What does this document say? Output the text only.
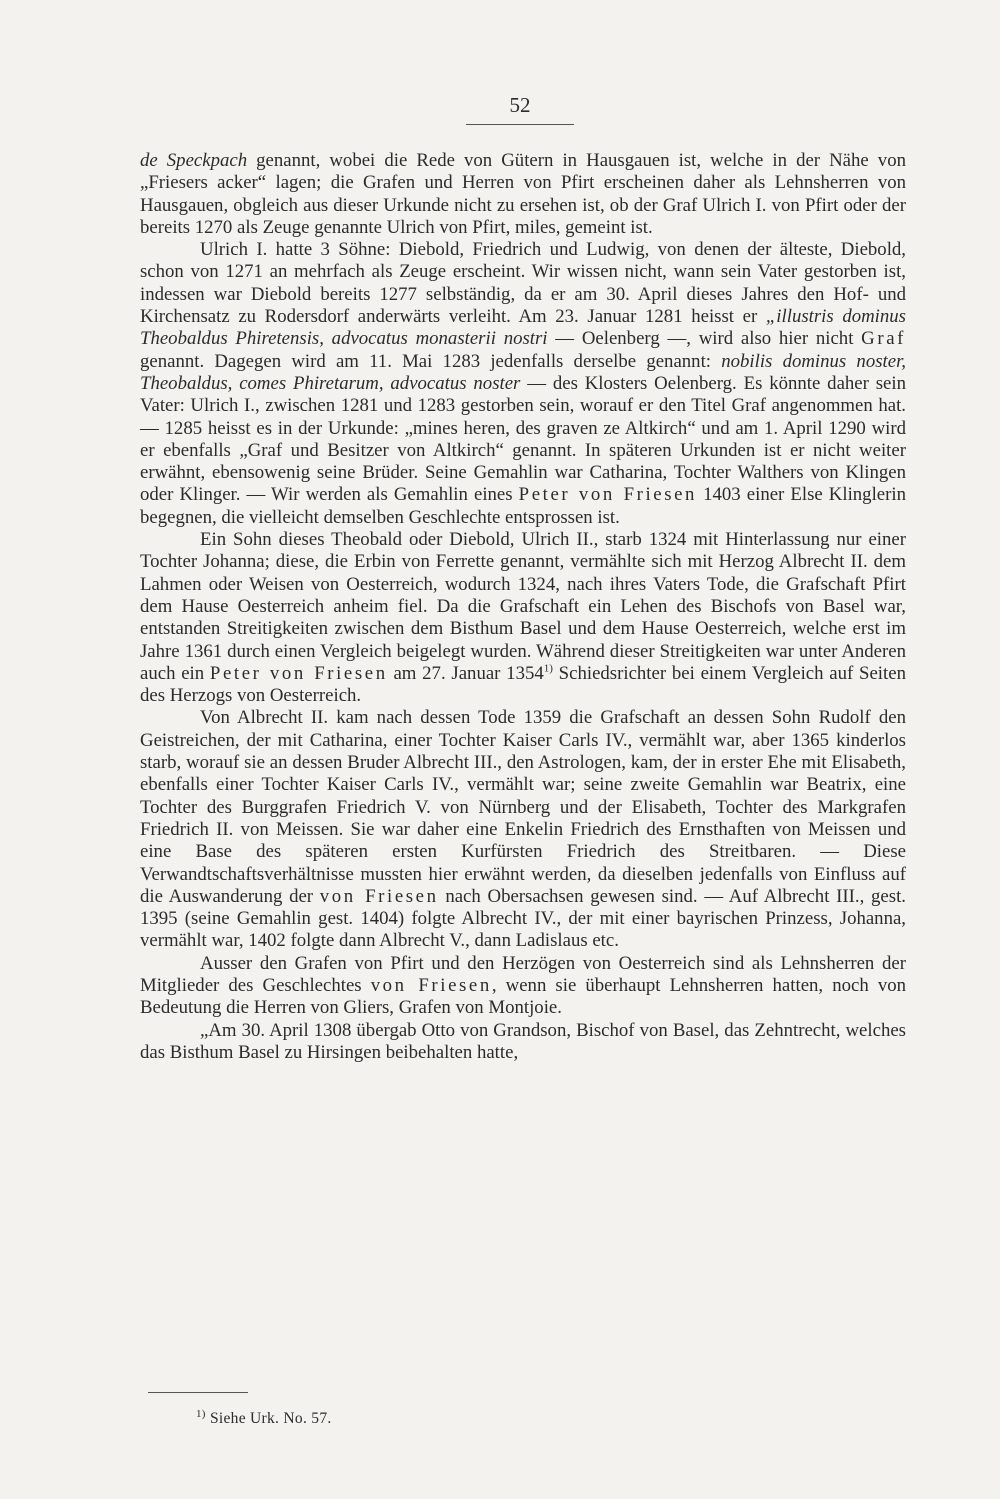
52

de Speckpach genannt, wobei die Rede von Gütern in Hausgauen ist, welche in der Nähe von „Friesers acker“ lagen; die Grafen und Herren von Pfirt erscheinen daher als Lehnsherren von Hausgauen, obgleich aus dieser Urkunde nicht zu ersehen ist, ob der Graf Ulrich I. von Pfirt oder der bereits 1270 als Zeuge genannte Ulrich von Pfirt, miles, gemeint ist.

Ulrich I. hatte 3 Söhne: Diebold, Friedrich und Ludwig, von denen der älteste, Diebold, schon von 1271 an mehrfach als Zeuge erscheint. Wir wissen nicht, wann sein Vater gestorben ist, indessen war Diebold bereits 1277 selbständig, da er am 30. April dieses Jahres den Hof- und Kirchensatz zu Rodersdorf anderwärts verleiht. Am 23. Januar 1281 heisst er „illustris dominus Theobaldus Phiretensis, advocatus monasterii nostri — Oelenberg —, wird also hier nicht Graf genannt. Dagegen wird am 11. Mai 1283 jedenfalls derselbe genannt: nobilis dominus noster, Theobaldus, comes Phiretarum, advocatus noster — des Klosters Oelenberg. Es könnte daher sein Vater: Ulrich I., zwischen 1281 und 1283 gestorben sein, worauf er den Titel Graf angenommen hat. — 1285 heisst es in der Urkunde: „mines heren, des graven ze Altkirch“ und am 1. April 1290 wird er ebenfalls „Graf und Besitzer von Altkirch“ genannt. In späteren Urkunden ist er nicht weiter erwähnt, ebensowenig seine Brüder. Seine Gemahlin war Catharina, Tochter Walthers von Klingen oder Klinger. — Wir werden als Gemahlin eines Peter von Friesen 1403 einer Else Klinglerin begegnen, die vielleicht demselben Geschlechte entsprossen ist.

Ein Sohn dieses Theobald oder Diebold, Ulrich II., starb 1324 mit Hinterlassung nur einer Tochter Johanna; diese, die Erbin von Ferrette genannt, vermählte sich mit Herzog Albrecht II. dem Lahmen oder Weisen von Oesterreich, wodurch 1324, nach ihres Vaters Tode, die Grafschaft Pfirt dem Hause Oesterreich anheim fiel. Da die Grafschaft ein Lehen des Bischofs von Basel war, entstanden Streitigkeiten zwischen dem Bisthum Basel und dem Hause Oesterreich, welche erst im Jahre 1361 durch einen Vergleich beigelegt wurden. Während dieser Streitigkeiten war unter Anderen auch ein Peter von Friesen am 27. Januar 1354$^{1)}$ Schiedsrichter bei einem Vergleich auf Seiten des Herzogs von Oesterreich.

Von Albrecht II. kam nach dessen Tode 1359 die Grafschaft an dessen Sohn Rudolf den Geistreichen, der mit Catharina, einer Tochter Kaiser Carls IV., vermählt war, aber 1365 kinderlos starb, worauf sie an dessen Bruder Albrecht III., den Astrologen, kam, der in erster Ehe mit Elisabeth, ebenfalls einer Tochter Kaiser Carls IV., vermählt war; seine zweite Gemahlin war Beatrix, eine Tochter des Burggrafen Friedrich V. von Nürnberg und der Elisabeth, Tochter des Markgrafen Friedrich II. von Meissen. Sie war daher eine Enkelin Friedrich des Ernsthaften von Meissen und eine Base des späteren ersten Kurfürsten Friedrich des Streitbaren. — Diese Verwandtschaftsverhältnisse mussten hier erwähnt werden, da dieselben jedenfalls von Einfluss auf die Auswanderung der von Friesen nach Obersachsen gewesen sind. — Auf Albrecht III., gest. 1395 (seine Gemahlin gest. 1404) folgte Albrecht IV., der mit einer bayrischen Prinzess, Johanna, vermählt war, 1402 folgte dann Albrecht V., dann Ladislaus etc.

Ausser den Grafen von Pfirt und den Herzögen von Oesterreich sind als Lehnsherren der Mitglieder des Geschlechtes von Friesen, wenn sie überhaupt Lehnsherren hatten, noch von Bedeutung die Herren von Gliers, Grafen von Montjoie.

„Am 30. April 1308 übergab Otto von Grandson, Bischof von Basel, das Zehntrecht, welches das Bisthum Basel zu Hirsingen beibehalten hatte,

$^{1)}$ Siehe Urk. No. 57.
